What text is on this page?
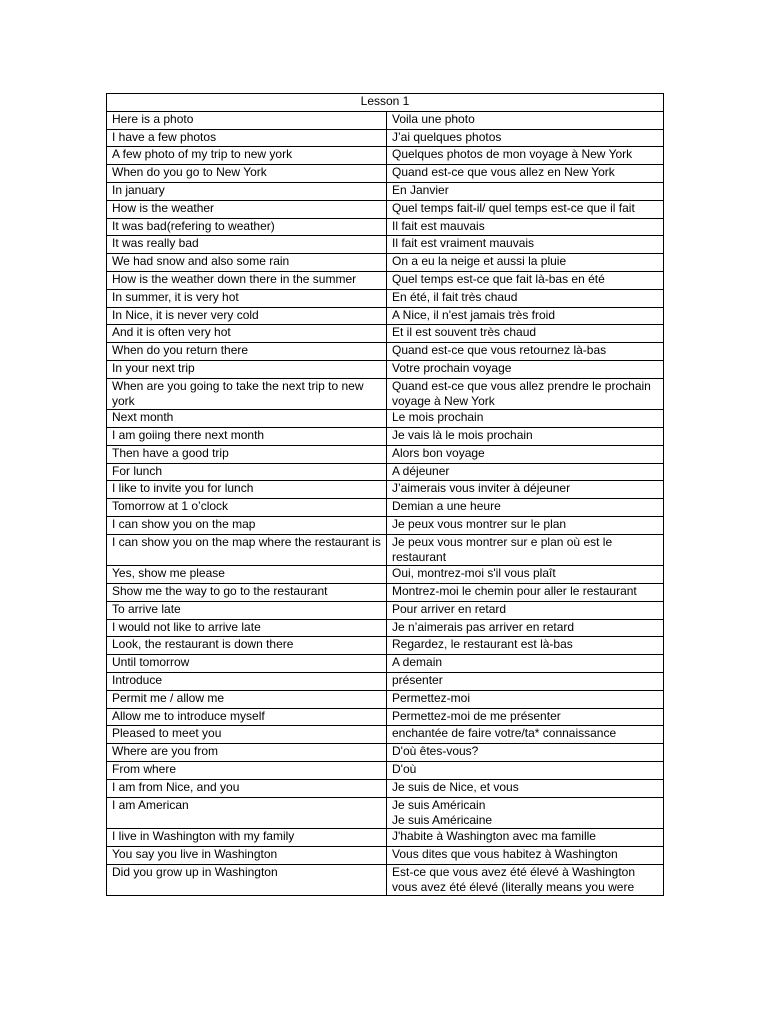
Lesson 1	
Here is a photo	Voila une photo
I have a few photos	J’ai quelques photos
A few photo of my trip to new york	Quelques photos de mon voyage à New York
When do you go to New York	Quand est-ce que vous allez en New York
In january	En Janvier
How is the weather	Quel temps fait-il/ quel temps est-ce que il fait
It was bad(refering to weather)	Il fait est mauvais
It was really bad	Il fait est vraiment mauvais
We had snow and also some rain	On a eu la neige et aussi la pluie
How is the weather down there in the summer	Quel temps est-ce que fait là-bas en été
In summer, it is very hot	En été, il fait très chaud
In Nice, it is never very cold	A Nice, il n'est jamais très froid
And it is often very hot	Et il est souvent très chaud
When do you return there	Quand est-ce que vous retournez là-bas
In your next trip	Votre prochain voyage
When are you going to take the next trip to new york	Quand est-ce que vous allez prendre le prochain voyage à New York
Next month	Le mois prochain
I am goiing there next month	Je vais là le mois prochain
Then have a good trip	Alors bon voyage
For lunch	A déjeuner
I like to invite you for lunch	J’aimerais vous inviter à déjeuner
Tomorrow at 1 o’clock	Demian a une heure
I can show you on the map	Je peux vous montrer sur le plan
I can show you on the map where the restaurant is	Je peux vous montrer sur e plan où est le restaurant
Yes, show me please	Oui, montrez-moi s'il vous plaît
Show me the way to go to the restaurant	Montrez-moi le chemin pour aller le restaurant
To arrive late	Pour arriver en retard
I would not like to arrive late	Je n’aimerais pas arriver en retard
Look, the restaurant is down there	Regardez, le restaurant est là-bas
Until tomorrow	A demain
Introduce	présenter
Permit me / allow me	Permettez-moi
Allow me to introduce myself	Permettez-moi de me présenter
Pleased to meet you	enchantée de faire votre/ta* connaissance
Where are you from	D'où êtes-vous?
From where	D'où
I am from Nice, and you	Je suis de Nice, et vous
I am American	Je suis Américain
Je suis Américaine

I live in Washington with my family	J'habite à Washington avec ma famille
You say you live in Washington	Vous dites que vous habitez à Washington
Did you grow up in Washington	Est-ce que vous avez été élevé à Washington
vous avez été élevé (literally means you were
